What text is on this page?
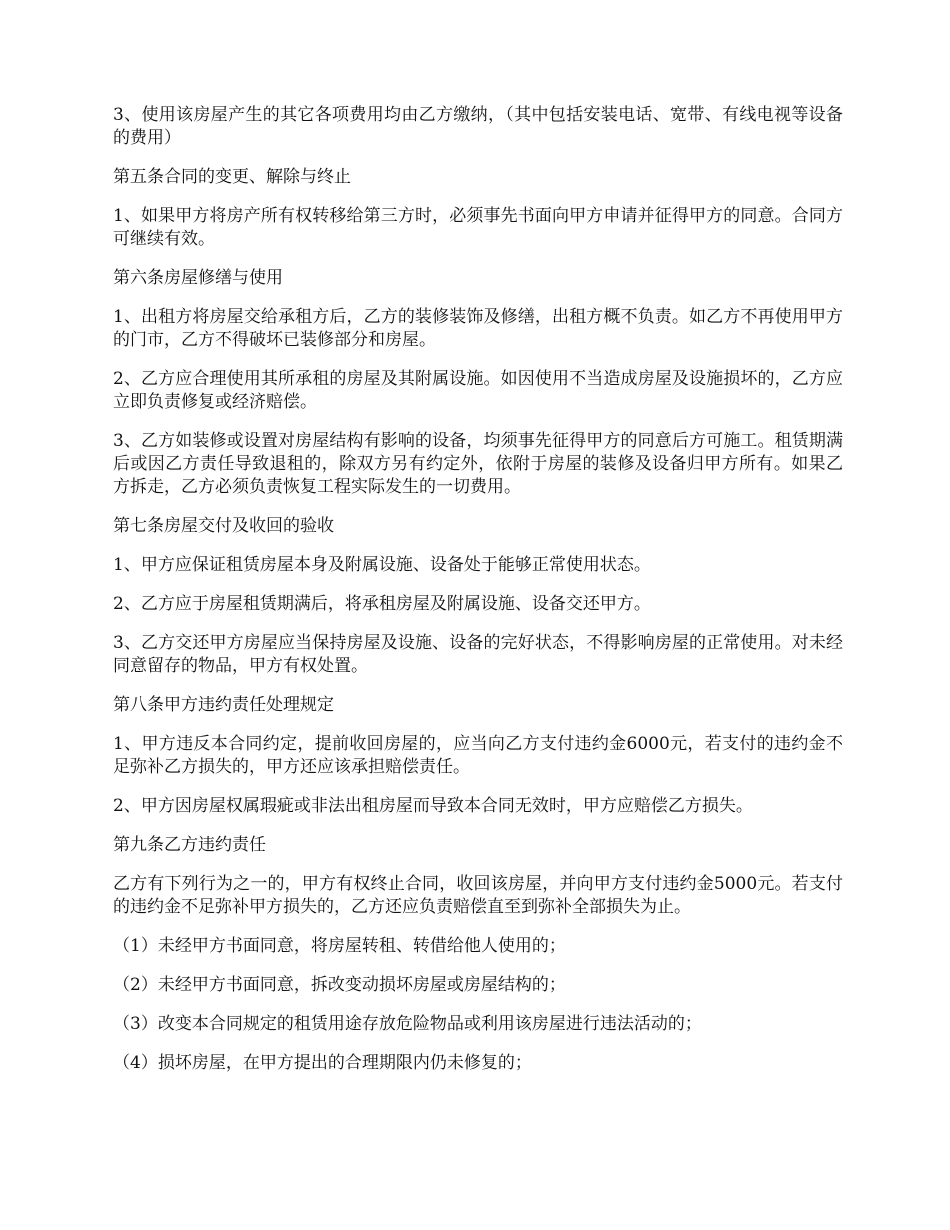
3、使用该房屋产生的其它各项费用均由乙方缴纳，（其中包括安装电话、宽带、有线电视等设备的费用）

第五条合同的变更、解除与终止

1、如果甲方将房产所有权转移给第三方时，必须事先书面向甲方申请并征得甲方的同意。合同方可继续有效。

第六条房屋修缮与使用

1、出租方将房屋交给承租方后，乙方的装修装饰及修缮，出租方概不负责。如乙方不再使用甲方的门市，乙方不得破坏已装修部分和房屋。

2、乙方应合理使用其所承租的房屋及其附属设施。如因使用不当造成房屋及设施损坏的，乙方应立即负责修复或经济赔偿。

3、乙方如装修或设置对房屋结构有影响的设备，均须事先征得甲方的同意后方可施工。租赁期满后或因乙方责任导致退租的，除双方另有约定外，依附于房屋的装修及设备归甲方所有。如果乙方拆走，乙方必须负责恢复工程实际发生的一切费用。

第七条房屋交付及收回的验收

1、甲方应保证租赁房屋本身及附属设施、设备处于能够正常使用状态。

2、乙方应于房屋租赁期满后，将承租房屋及附属设施、设备交还甲方。

3、乙方交还甲方房屋应当保持房屋及设施、设备的完好状态，不得影响房屋的正常使用。对未经同意留存的物品，甲方有权处置。

第八条甲方违约责任处理规定

1、甲方违反本合同约定，提前收回房屋的，应当向乙方支付违约金6000元，若支付的违约金不足弥补乙方损失的，甲方还应该承担赔偿责任。

2、甲方因房屋权属瑕疵或非法出租房屋而导致本合同无效时，甲方应赔偿乙方损失。

第九条乙方违约责任

乙方有下列行为之一的，甲方有权终止合同，收回该房屋，并向甲方支付违约金5000元。若支付的违约金不足弥补甲方损失的，乙方还应负责赔偿直至到弥补全部损失为止。

（1）未经甲方书面同意，将房屋转租、转借给他人使用的；

（2）未经甲方书面同意，拆改变动损坏房屋或房屋结构的；

（3）改变本合同规定的租赁用途存放危险物品或利用该房屋进行违法活动的；

（4）损坏房屋，在甲方提出的合理期限内仍未修复的；
